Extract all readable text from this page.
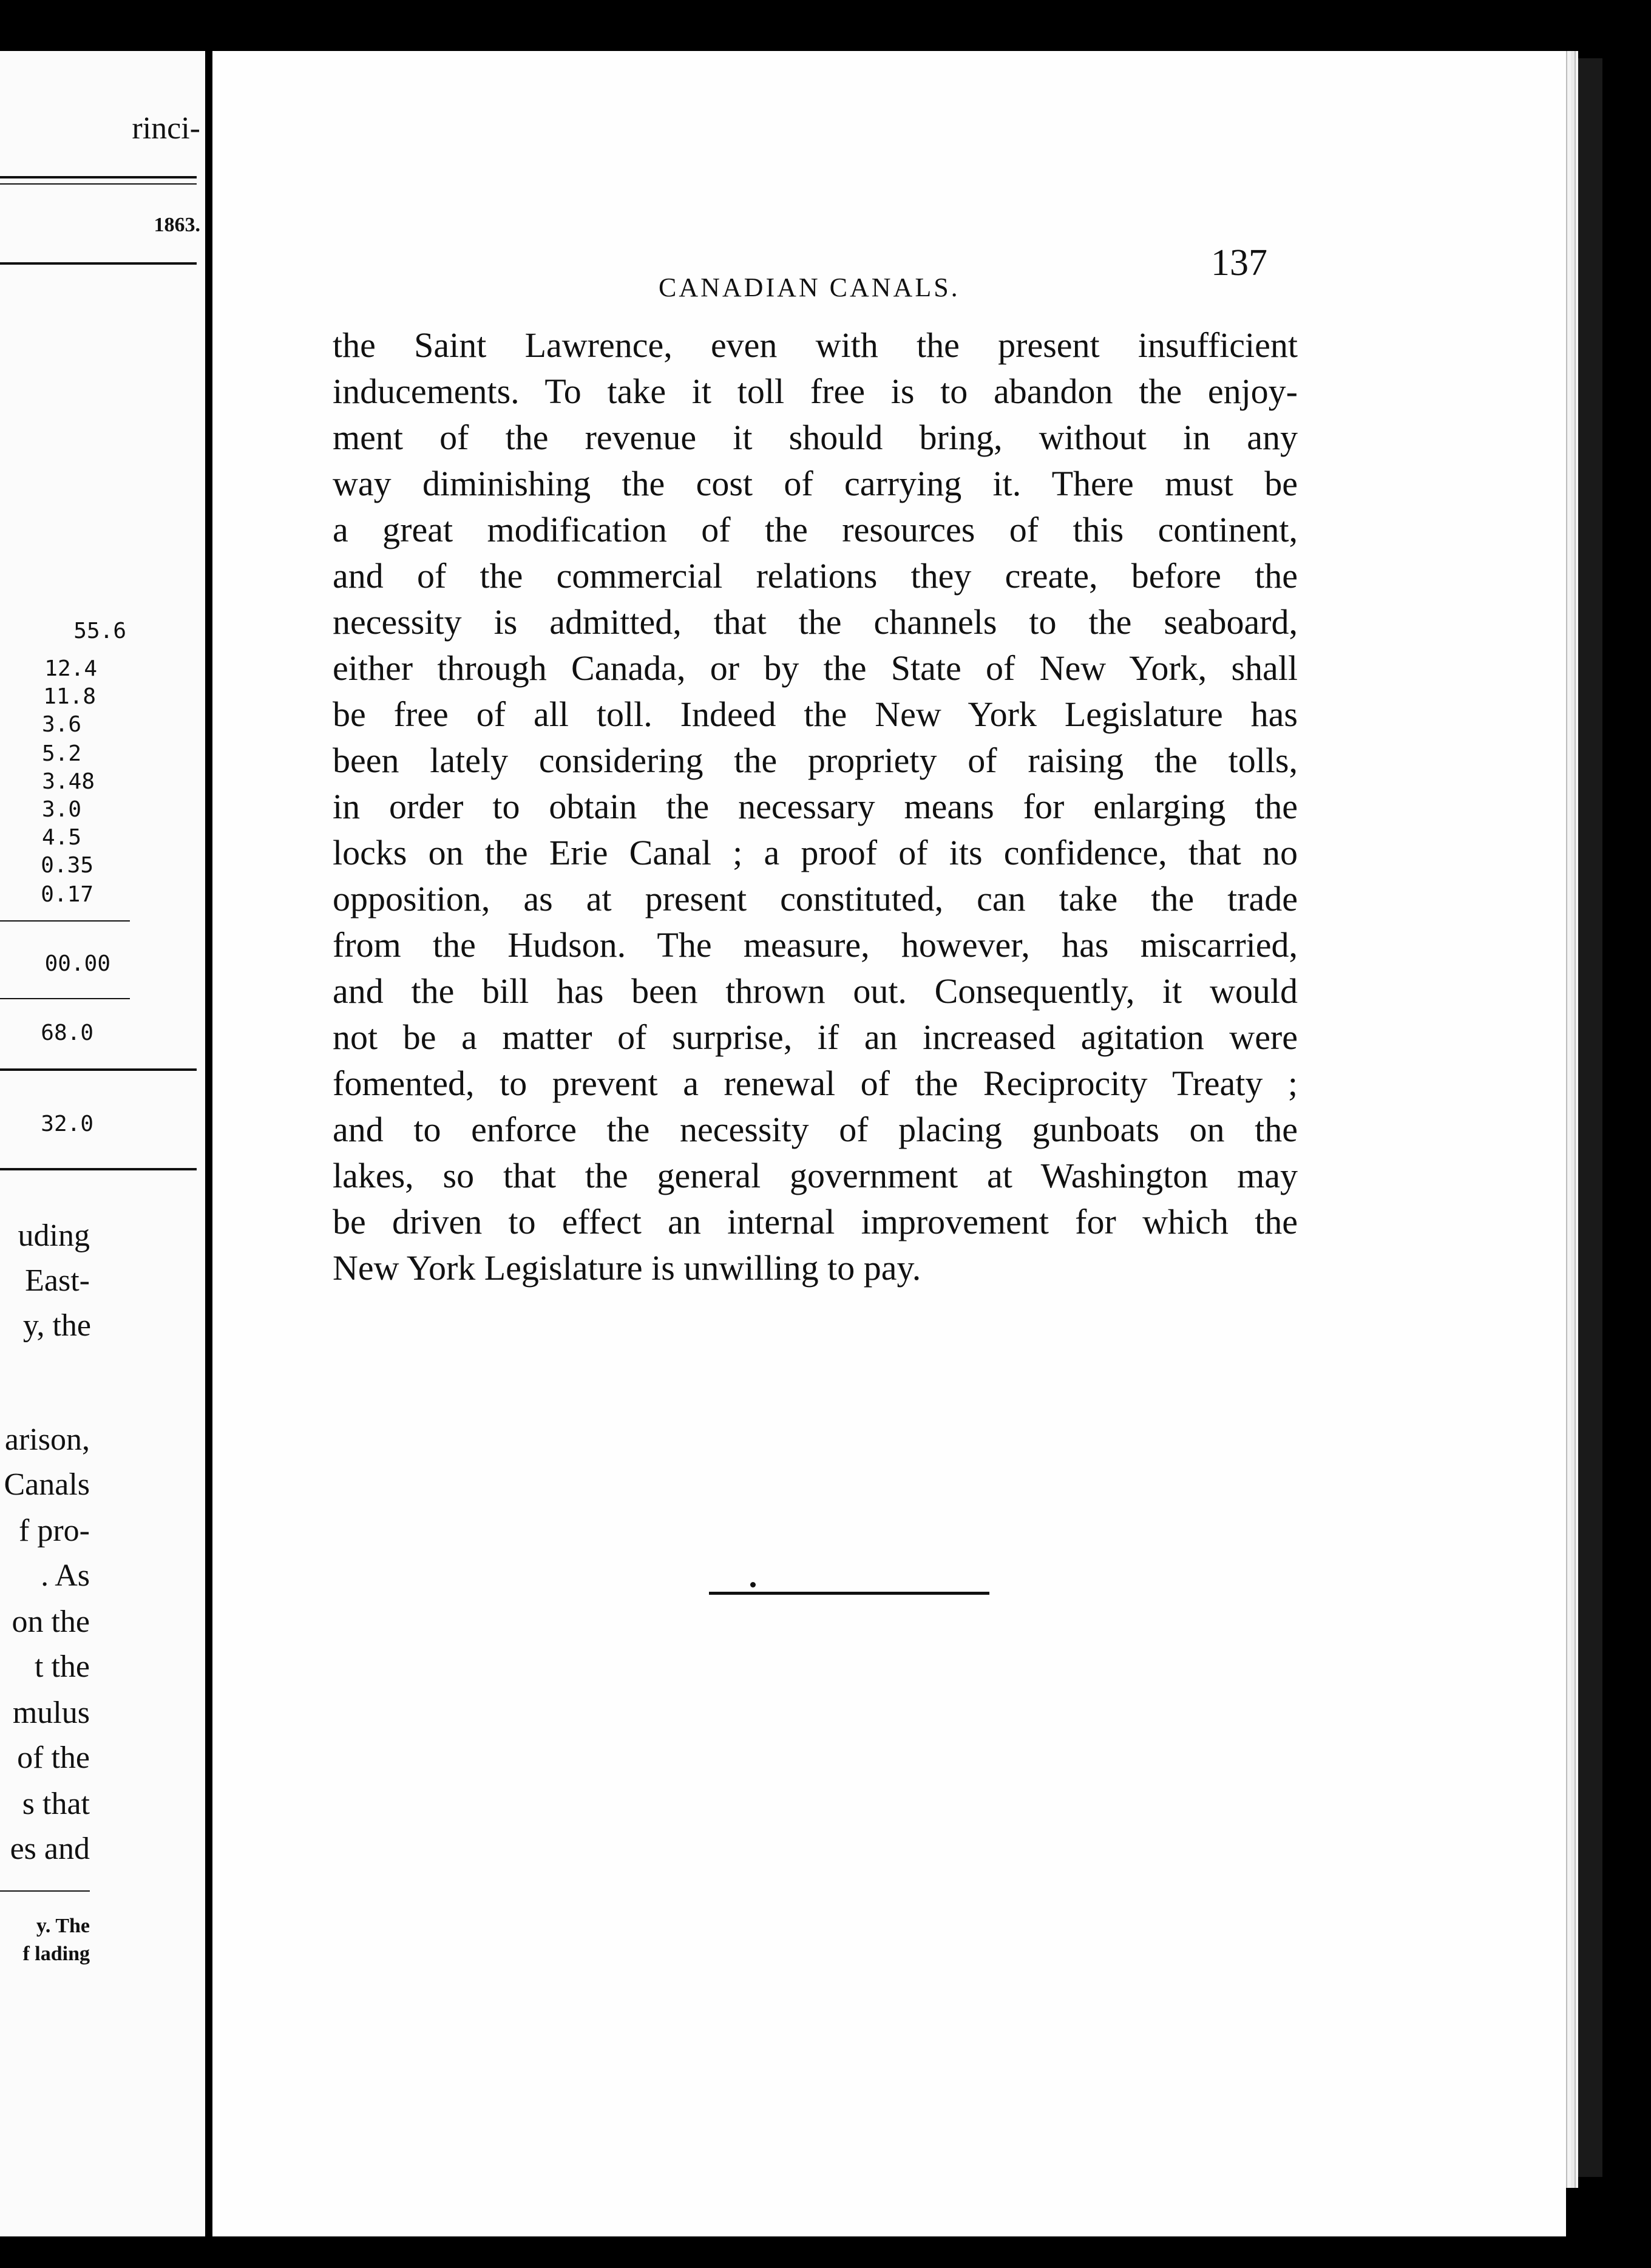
rinci-
1863.
55.6
12.4
11.8
3.6
5.2
3.48
3.0
4.5
0.35
0.17
00.00
68.0
32.0
uding
East-
y, the
arison,
Canals
f pro-
. As
on the
t the
mulus
of the
s that
es and
y. The
f lading
CANADIAN CANALS.
137
the Saint Lawrence, even with the present insufficient
inducements. To take it toll free is to abandon the enjoy-
ment of the revenue it should bring, without in any
way diminishing the cost of carrying it. There must be
a great modification of the resources of this continent,
and of the commercial relations they create, before the
necessity is admitted, that the channels to the seaboard,
either through Canada, or by the State of New York, shall
be free of all toll. Indeed the New York Legislature has
been lately considering the propriety of raising the tolls,
in order to obtain the necessary means for enlarging the
locks on the Erie Canal ; a proof of its confidence, that no
opposition, as at present constituted, can take the trade
from the Hudson. The measure, however, has miscarried,
and the bill has been thrown out. Consequently, it would
not be a matter of surprise, if an increased agitation were
fomented, to prevent a renewal of the Reciprocity Treaty ;
and to enforce the necessity of placing gunboats on the
lakes, so that the general government at Washington may
be driven to effect an internal improvement for which the
New York Legislature is unwilling to pay.
